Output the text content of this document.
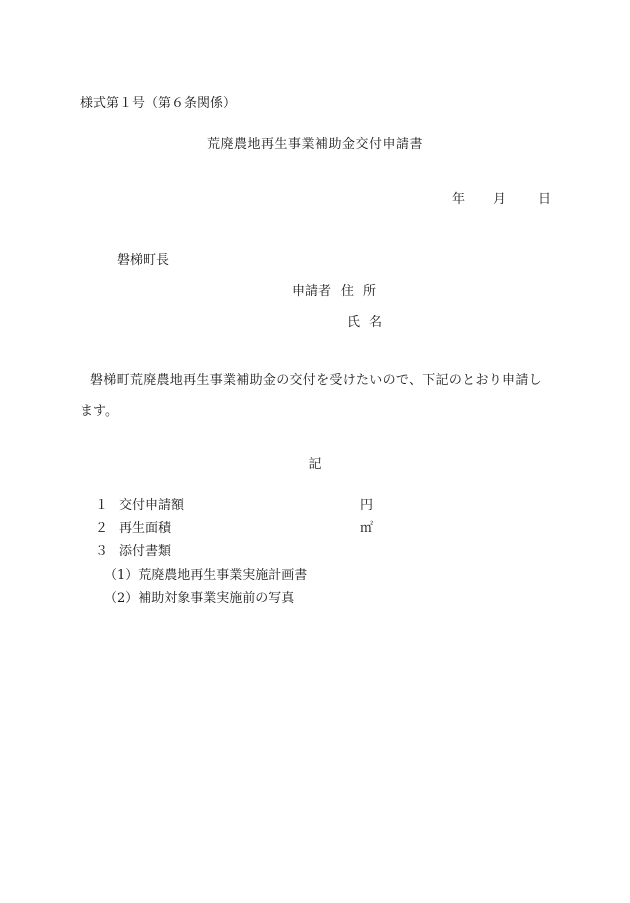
様式第１号（第６条関係）
荒廃農地再生事業補助金交付申請書
年 月 日
磐梯町長
申請者 住所
氏名
磐梯町荒廃農地再生事業補助金の交付を受けたいので、下記のとおり申請し
ます。
記
１ 交付申請額	円
２ 再生面積	㎡
３ 添付書類
（1）荒廃農地再生事業実施計画書
（2）補助対象事業実施前の写真
